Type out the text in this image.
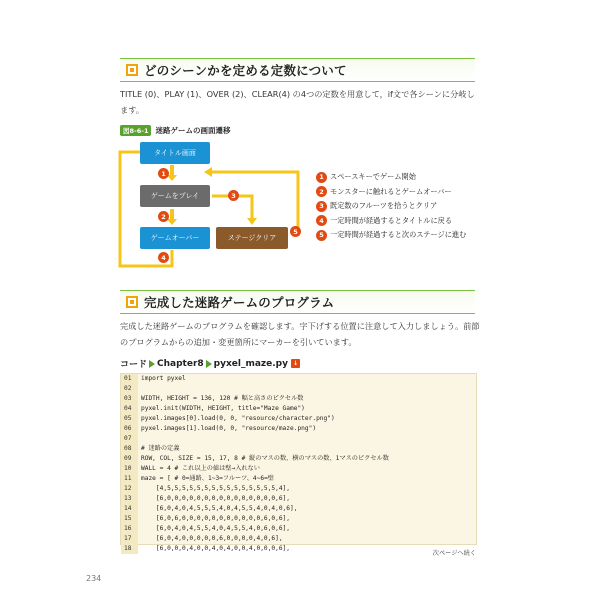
どのシーンかを定める定数について
TITLE (0)、PLAY (1)、OVER (2)、CLEAR(4) の4つの定数を用意して，if文で各シーンに分岐します。
図8-6-1 迷路ゲームの画面遷移
タイトル画面
ゲームをプレイ
ゲームオーバー	ステージクリア
1
2
3
4
5
1 スペースキーでゲーム開始
2 モンスターに触れるとゲームオーバー
3 既定数のフルーツを拾うとクリア
4 一定時間が経過するとタイトルに戻る
5 一定時間が経過すると次のステージに進む
完成した迷路ゲームのプログラム
完成した迷路ゲームのプログラムを確認します。字下げする位置に注意して入力しましょう。前節のプログラムからの追加・変更箇所にマーカーを引いています。
コード Chapter8 pyxel_maze.py ↓
01	import pyxel
02
03	WIDTH, HEIGHT = 136, 120 # 幅と高さのピクセル数
04	pyxel.init(WIDTH, HEIGHT, title="Maze Game")
05	pyxel.images[0].load(0, 0, "resource/character.png")
06	pyxel.images[1].load(0, 0, "resource/maze.png")
07
08	# 迷路の定義
09	ROW, COL, SIZE = 15, 17, 8 # 縦のマスの数、横のマスの数、1マスのピクセル数
10	WALL = 4 # これ以上の値は壁→入れない
11	maze = [ # 0=通路、1~3=フルーツ、4~6=壁
12	[4,5,5,5,5,5,5,5,5,5,5,5,5,5,5,5,4],
13	[6,0,0,0,0,0,0,0,0,0,0,0,0,0,0,0,6],
14	[6,0,4,0,4,5,5,5,4,0,4,5,5,4,0,4,0,6],
15	[6,0,6,0,0,0,0,0,0,0,0,0,0,0,6,0,6],
16	[6,0,4,0,4,5,5,4,0,4,5,5,4,0,6,0,6],
17	[6,0,4,0,0,0,0,0,6,0,0,0,0,4,0,6],
18	[6,0,0,0,4,0,0,4,0,4,0,0,4,0,0,0,6],
次ページへ続く
234
